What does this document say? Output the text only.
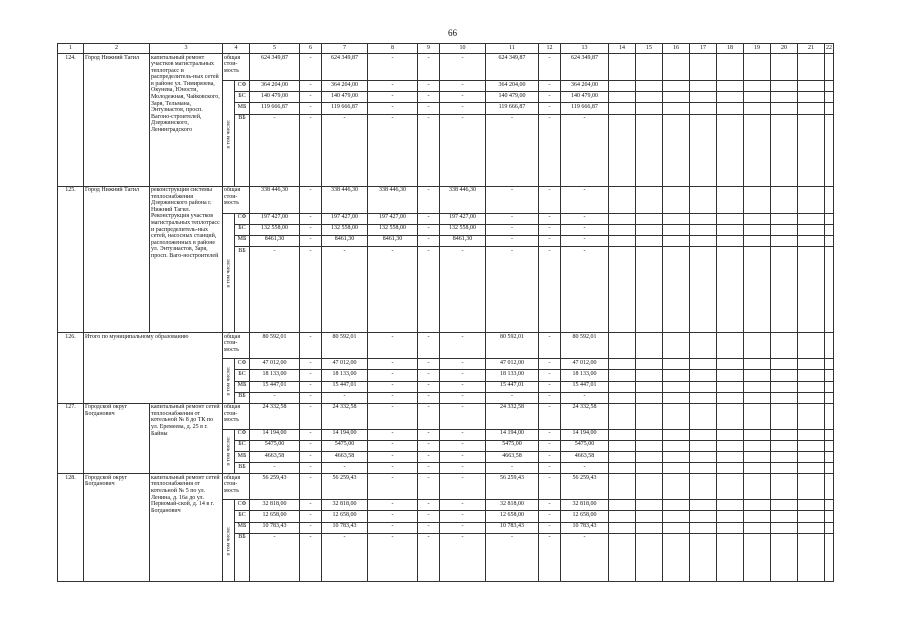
66
1	2	3	4		5	6	7	8	9	10	11	12	13	14	15	16	17	18	19	20	21	22
124.	Город Нижний Тагил	капитальный ремонт участков магистральных теплотрасс и распределитель-ных сетей в районе ул. Тимирязева, Окунева, Юности, Молодежная, Чайковского, Заря, Тельмана, Энтузиастов, просп. Вагоно-строителей, Дзержинского, Ленинградского	общая стои-мость		624 349,87	-	624 349,87	-	-	-	624 349,87	-	624 349,87									
			в том числе:	СФ	364 204,00	-	364 204,00	-	-	-	364 204,00	-	364 204,00									
				БС	140 479,00	-	140 479,00	-	-	-	140 479,00	-	140 479,00									
				МБ	119 666,87	-	119 666,87	-	-	-	119 666,87	-	119 666,87									
				ВБ	-	-	-	-	-	-	-	-	-									
125.	Город Нижний Тагил	реконструкция системы теплоснабжения Дзержинского района г. Нижний Тагил. Реконструкция участков магистральных теплотрасс и распределитель-ных сетей, насосных станций, расположенных в районе ул. Энтузиастов, Заря, просп. Ваго-ностроителей	общая стои-мость		338 446,30	-	338 446,30	338 446,30	-	338 446,30	-	-	-									
			в том числе:	СФ	197 427,00	-	197 427,00	197 427,00	-	197 427,00	-	-	-									
				БС	132 558,00	-	132 558,00	132 558,00	-	132 558,00	-	-	-									
				МБ	8461,30	-	8461,30	8461,30	-	8461,30	-	-	-									
				ВБ	-	-	-	-	-	-	-	-	-									
126.	Итого по муниципальному образованию		общая стои-мость		80 592,01	-	80 592,01	-	-	-	80 592,01	-	80 592,01									
			в том числе:	СФ	47 012,00	-	47 012,00	-	-	-	47 012,00	-	47 012,00									
				БС	18 133,00	-	18 133,00	-	-	-	18 133,00	-	18 133,00									
				МБ	15 447,01	-	15 447,01	-	-	-	15 447,01	-	15 447,01									
				ВБ	-	-	-	-	-	-	-	-	-									
127.	Городской округ Богданович	капитальный ремонт сетей теплоснабжения от котельной № 8 до ТК по ул. Еремеева, д. 25 в г. Байны	общая стои-мость		24 332,58	-	24 332,58	-	-	-	24 332,58	-	24 332,58									
			в том числе:	СФ	14 194,00	-	14 194,00	-	-	-	14 194,00	-	14 194,00									
				БС	5475,00	-	5475,00	-	-	-	5475,00	-	5475,00									
				МБ	4663,58	-	4663,58	-	-	-	4663,58	-	4663,58									
				ВБ	-	-	-	-	-	-	-	-	-									
128.	Городской округ Богданович	капитальный ремонт сетей теплоснабжения от котельной № 5 по ул. Ленина, д. 16а до ул. Первомай-ской, д. 14 в г. Богданович	общая стои-мость		56 259,43	-	56 259,43	-	-	-	56 259,43	-	56 259,43									
			в том числе:	СФ	32 818,00	-	32 818,00	-	-	-	32 818,00	-	32 818,00									
				БС	12 658,00	-	12 658,00	-	-	-	12 658,00	-	12 658,00									
				МБ	10 783,43	-	10 783,43	-	-	-	10 783,43	-	10 783,43									
				ВБ	-	-	-	-	-	-	-	-	-									
